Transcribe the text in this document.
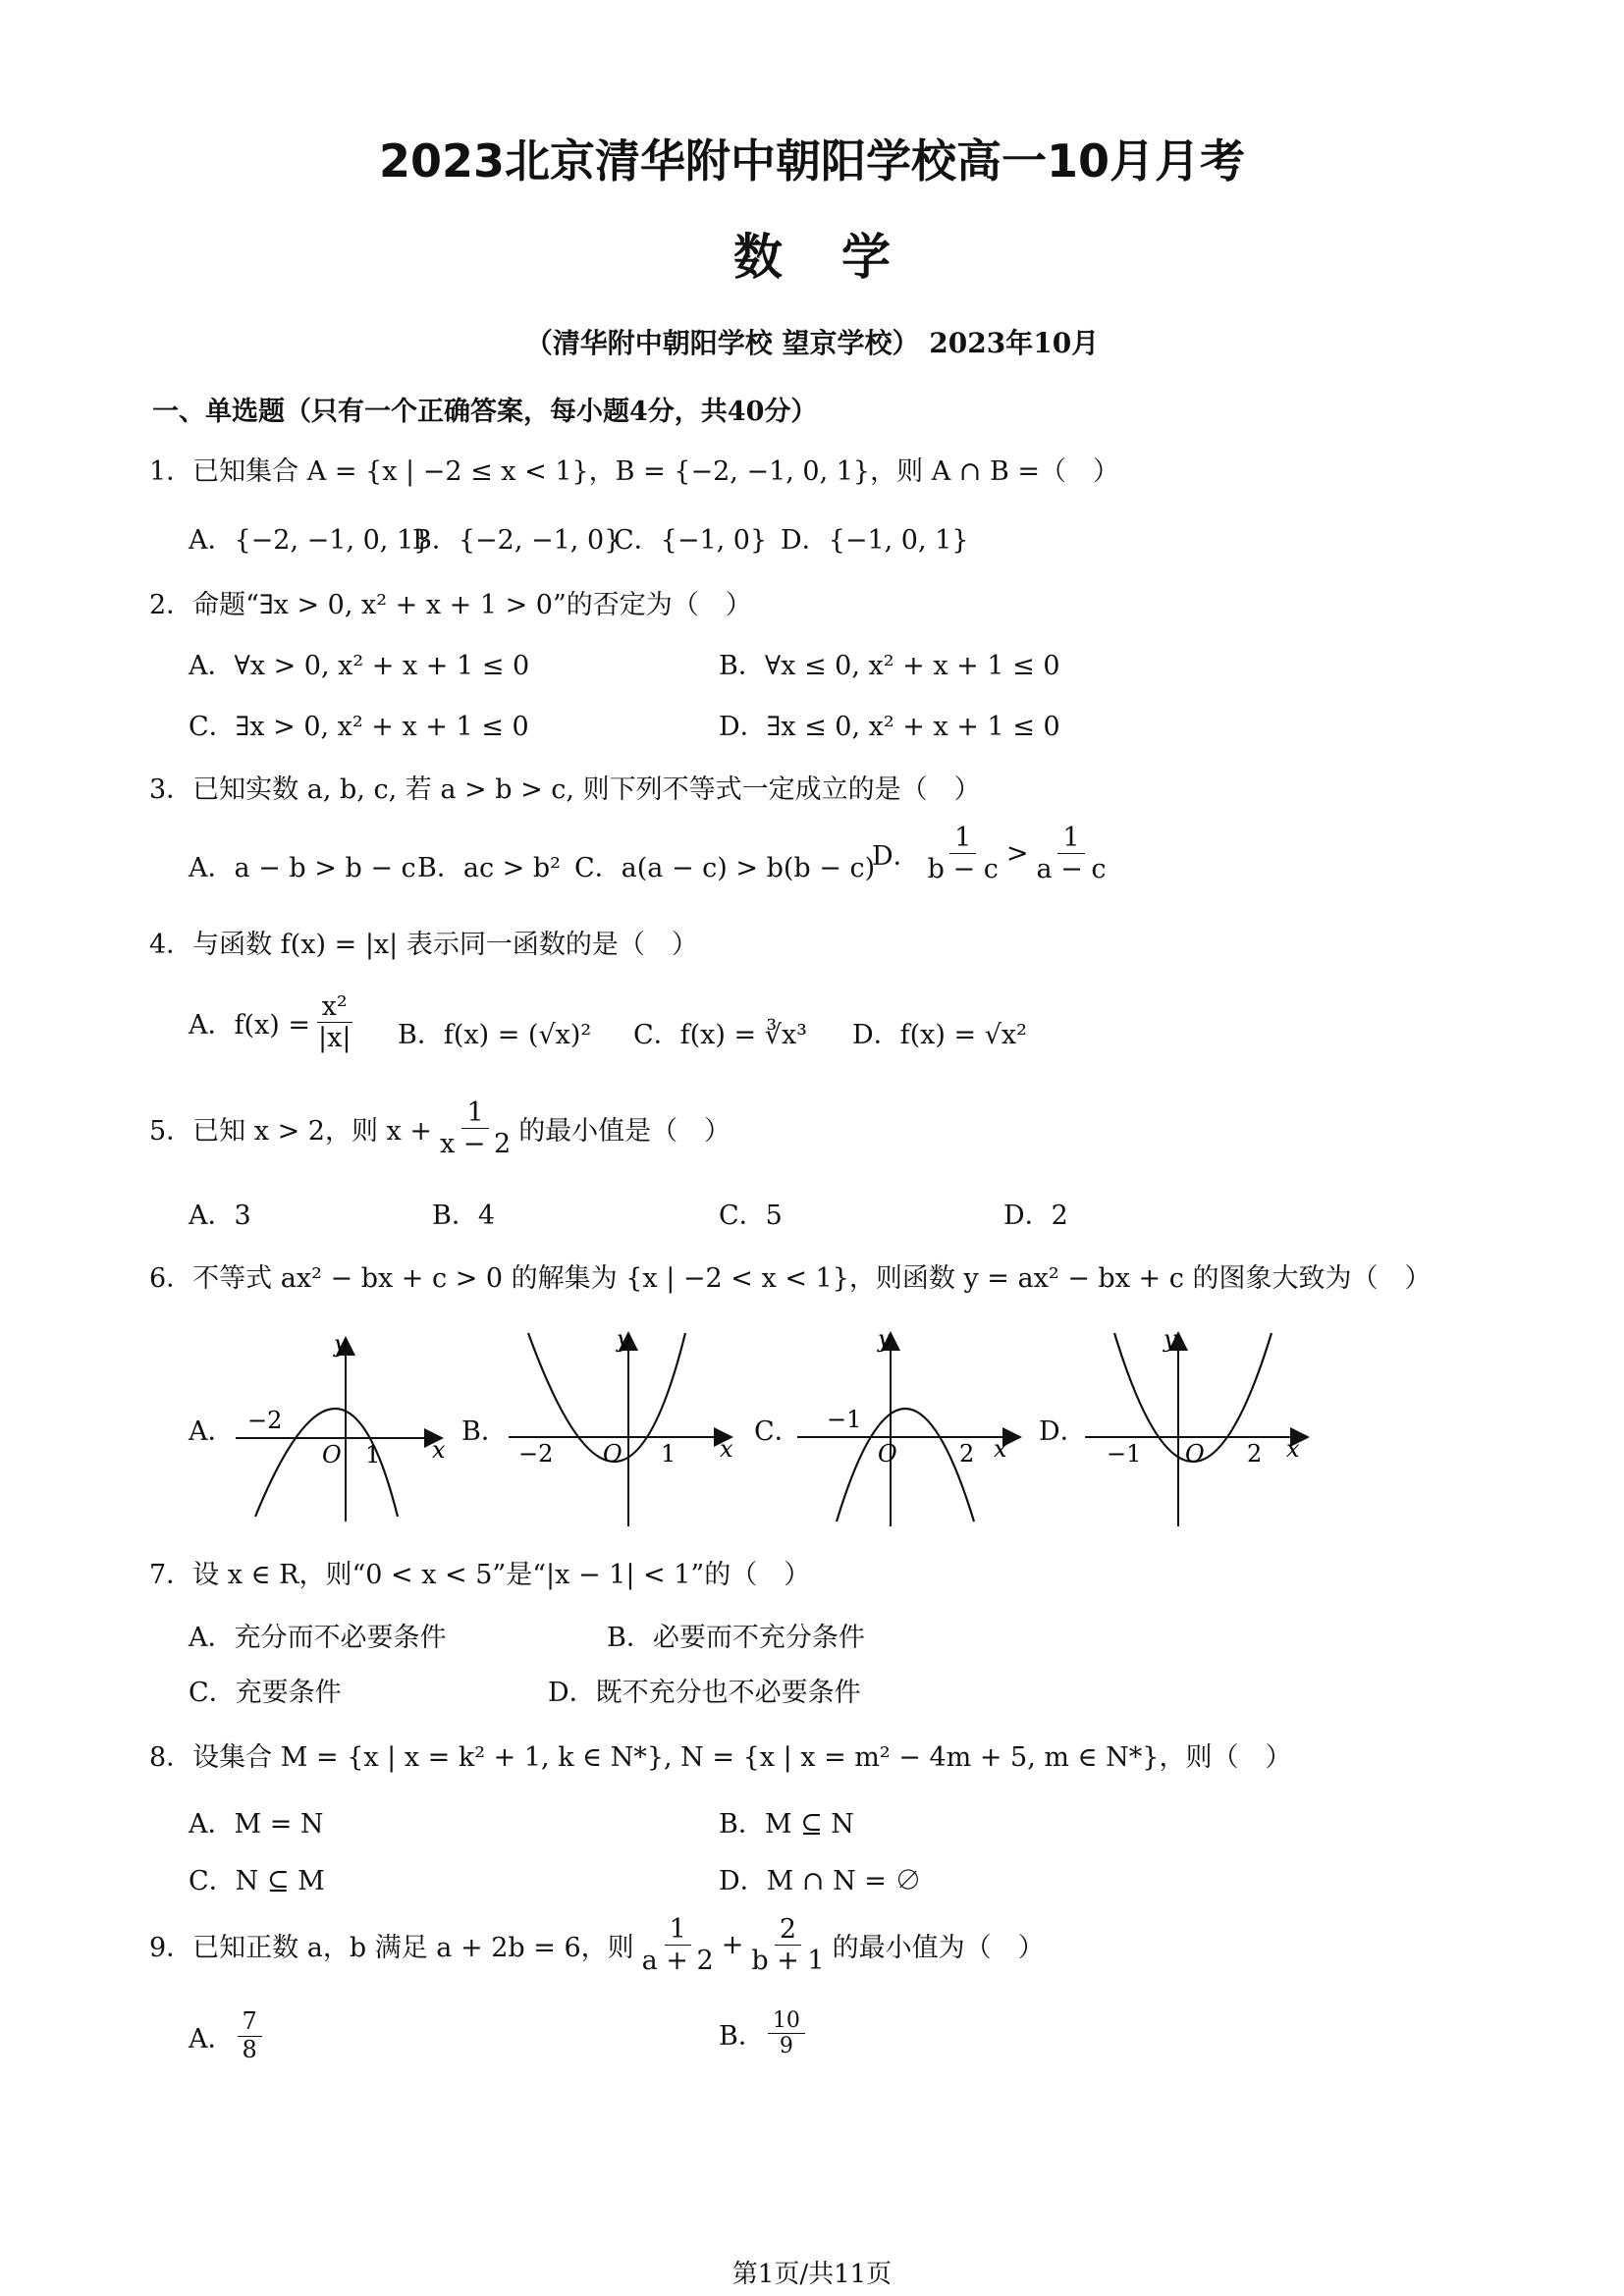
2023北京清华附中朝阳学校高一10月月考
数学
（清华附中朝阳学校 望京学校） 2023年10月
一、单选题（只有一个正确答案，每小题4分，共40分）
1．已知集合 A = {x | −2 ≤ x < 1}，B = {−2, −1, 0, 1}，则 A ∩ B =（　）
A．{−2, −1, 0, 1}
B．{−2, −1, 0}
C．{−1, 0} D．{−1, 0, 1}
2．命题“∃x > 0, x² + x + 1 > 0”的否定为（　）
A．∀x > 0, x² + x + 1 ≤ 0	B．∀x ≤ 0, x² + x + 1 ≤ 0
C．∃x > 0, x² + x + 1 ≤ 0	D．∃x ≤ 0, x² + x + 1 ≤ 0
3．已知实数 a, b, c, 若 a > b > c, 则下列不等式一定成立的是（　）
A．a − b > b − c B．ac > b² C．a(a − c) > b(b − c)
D． $\frac{1}{b - c} > \frac{1}{a - c}$
4．与函数 f(x) = |x| 表示同一函数的是（　）
A．$f(x) = \frac{\text{x²}}{|x|}$ B．f(x) = (√x)² C．f(x) = ∛x³ D．f(x) = √x²
5．已知 x > 2，则 $x + \frac{1}{x - 2}$ 的最小值是（　）
A．3	B．4	C．5	D．2
6．不等式 ax² − bx + c > 0 的解集为 {x | −2 < x < 1}，则函数 y = ax² − bx + c 的图象大致为（　）
A．	B．	C．	D．
y
x
O
−2
1
y
x
O
−2	1
y
x
O
−1
2
y
x
O
−1	2
7．设 x ∈ R，则“0 < x < 5”是“|x − 1| < 1”的（　）
A．充分而不必要条件	B．必要而不充分条件
C．充要条件	D．既不充分也不必要条件
8．设集合 M = {x | x = k² + 1, k ∈ N*}, N = {x | x = m² − 4m + 5, m ∈ N*}，则（　）
A．M = N	B．M ⊆ N
C．N ⊆ M	D．M ∩ N = ∅
9．已知正数 a，b 满足 a + 2b = 6，则 $\frac{1}{a + 2} + \frac{2}{b + 1}$ 的最小值为（　）
A． $\frac{7}{8}$	B． $\frac{10}{9}$
第1页/共11页
